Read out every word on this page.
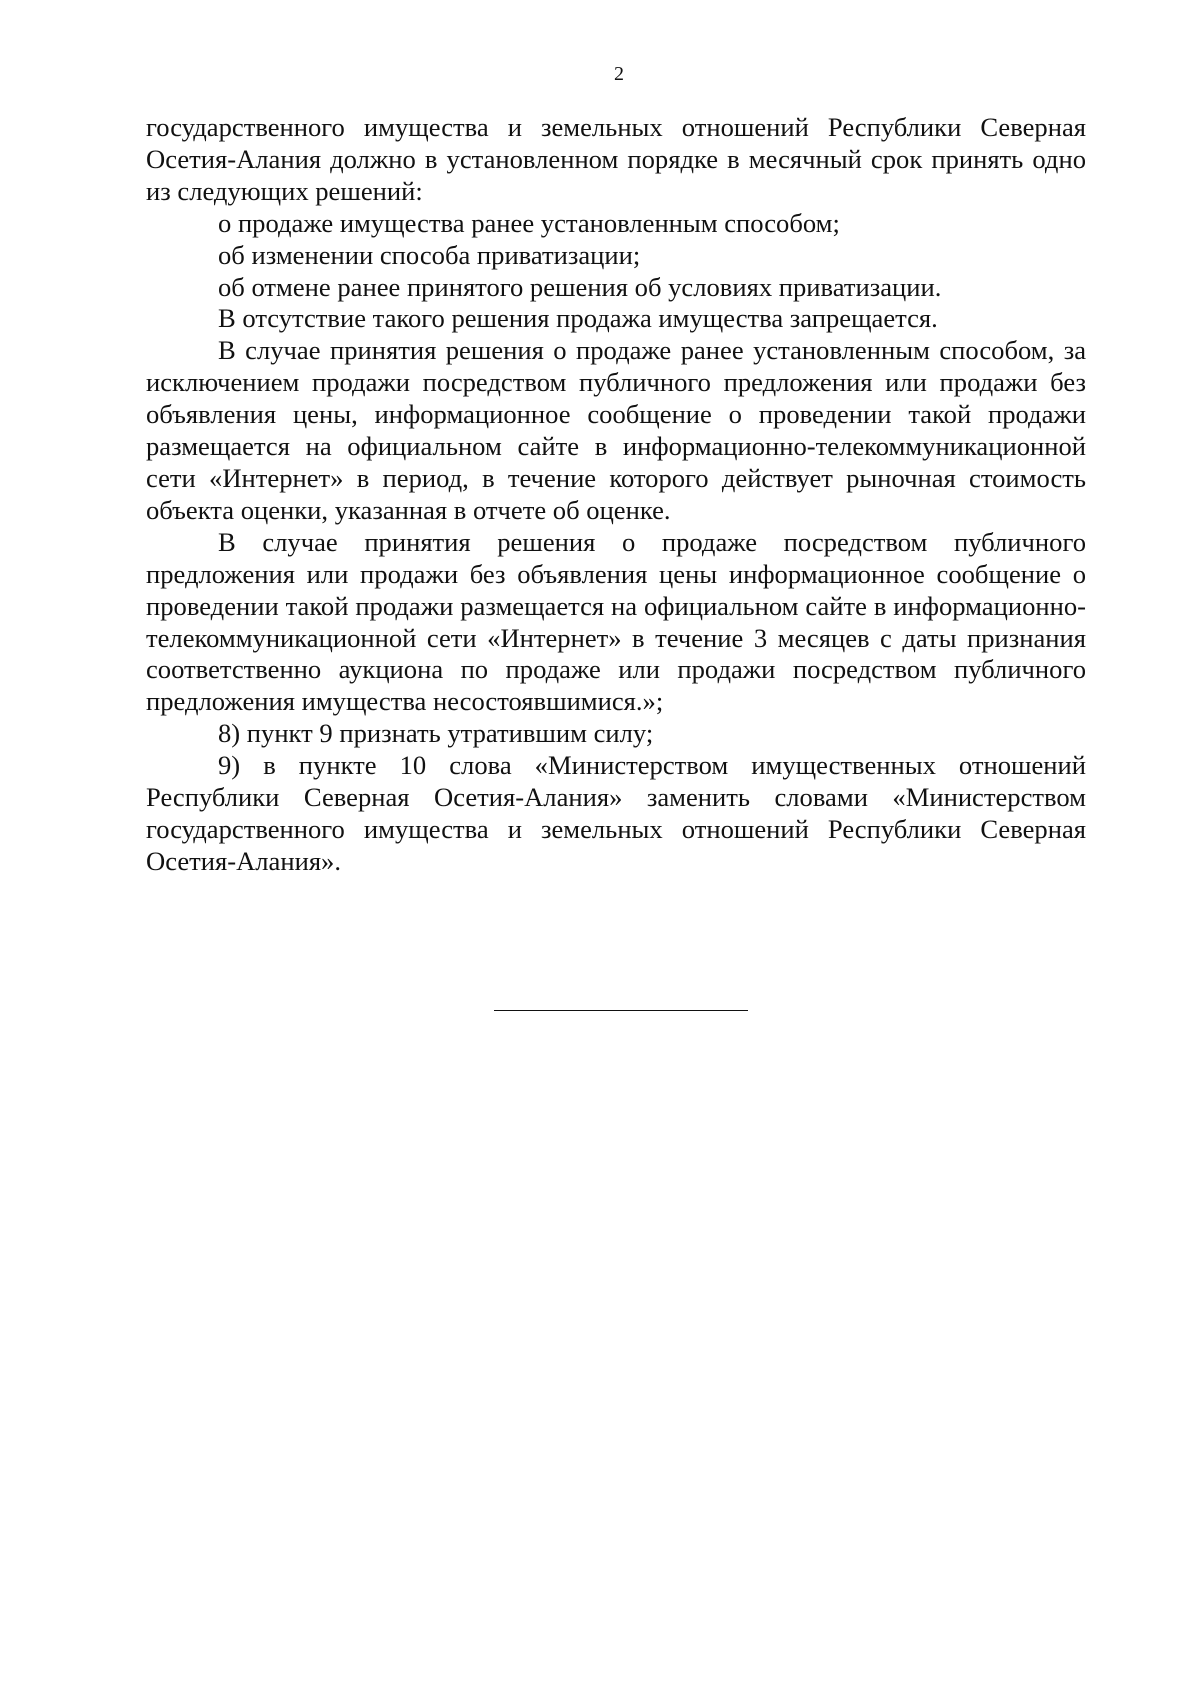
2

государственного имущества и земельных отношений Республики Северная Осетия-Алания должно в установленном порядке в месячный срок принять одно из следующих решений:

о продаже имущества ранее установленным способом;

об изменении способа приватизации;

об отмене ранее принятого решения об условиях приватизации.

В отсутствие такого решения продажа имущества запрещается.

В случае принятия решения о продаже ранее установленным способом, за исключением продажи посредством публичного предложения или продажи без объявления цены, информационное сообщение о проведении такой продажи размещается на официальном сайте в информационно-телекоммуникационной сети «Интернет» в период, в течение которого действует рыночная стоимость объекта оценки, указанная в отчете об оценке.

В случае принятия решения о продаже посредством публичного предложения или продажи без объявления цены информационное сообщение о проведении такой продажи размещается на официальном сайте в информационно-телекоммуникационной сети «Интернет» в течение 3 месяцев с даты признания соответственно аукциона по продаже или продажи посредством публичного предложения имущества несостоявшимися.»;

8) пункт 9 признать утратившим силу;

9) в пункте 10 слова «Министерством имущественных отношений Республики Северная Осетия-Алания» заменить словами «Министерством государственного имущества и земельных отношений Республики Северная Осетия-Алания».
